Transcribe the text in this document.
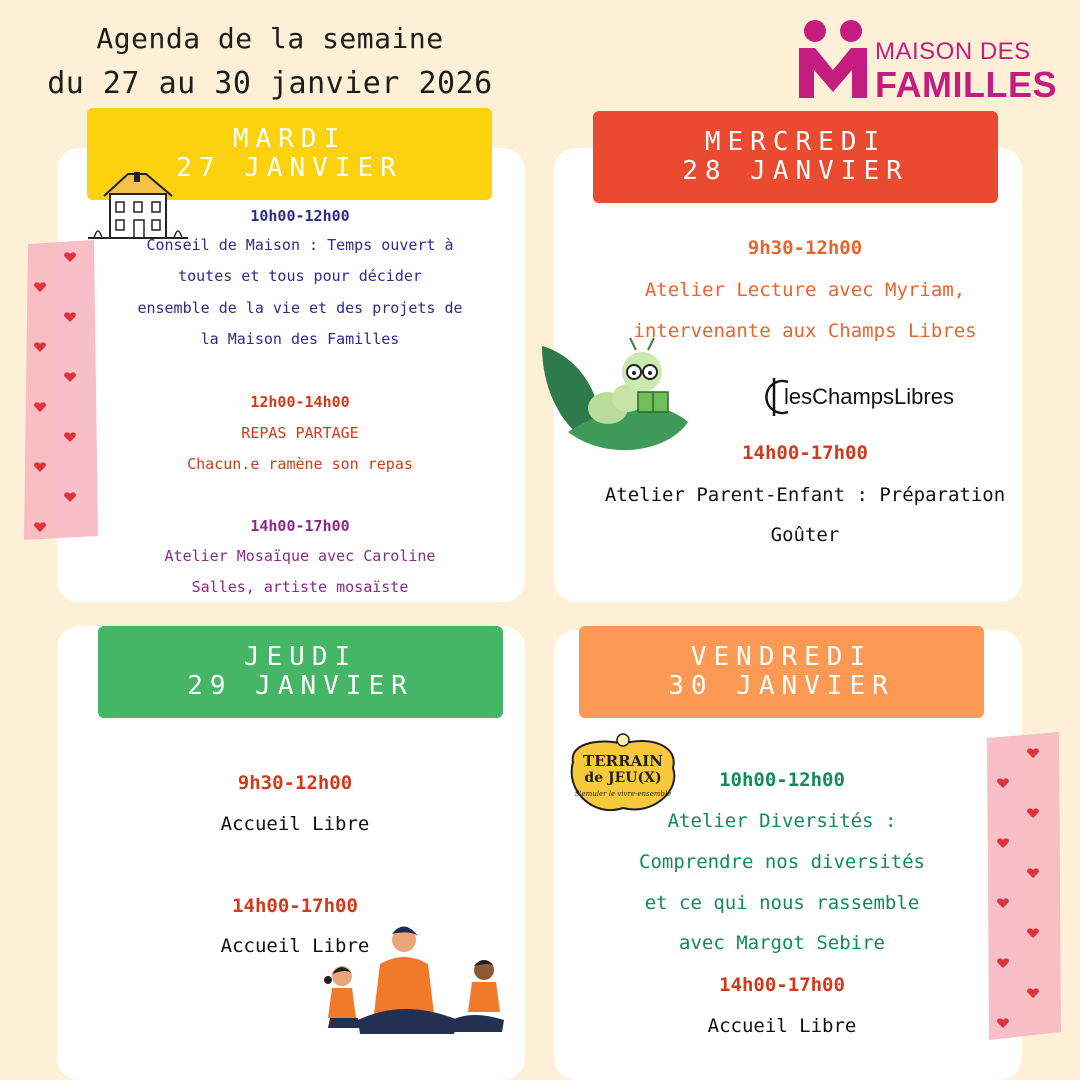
Agenda de la semaine
du 27 au 30 janvier 2026
MAISON DES
FAMILLES
MARDI
27 JANVIER
10h00-12h00
Conseil de Maison : Temps ouvert à
toutes et tous pour décider
ensemble de la vie et des projets de
la Maison des Familles
12h00-14h00
REPAS PARTAGE
Chacun.e ramène son repas
14h00-17h00
Atelier Mosaïque avec Caroline
Salles, artiste mosaïste
MERCREDI
28 JANVIER
9h30-12h00
Atelier Lecture avec Myriam,
intervenante aux Champs Libres
lesChampsLibres
14h00-17h00
Atelier Parent-Enfant : Préparation
Goûter
JEUDI
29 JANVIER
9h30-12h00
Accueil Libre
14h00-17h00
Accueil Libre
VENDREDI
30 JANVIER
TERRAIN
de JEU(X)
S'emuler le vivre-ensemble
10h00-12h00
Atelier Diversités :
Comprendre nos diversités
et ce qui nous rassemble
avec Margot Sebire
14h00-17h00
Accueil Libre
